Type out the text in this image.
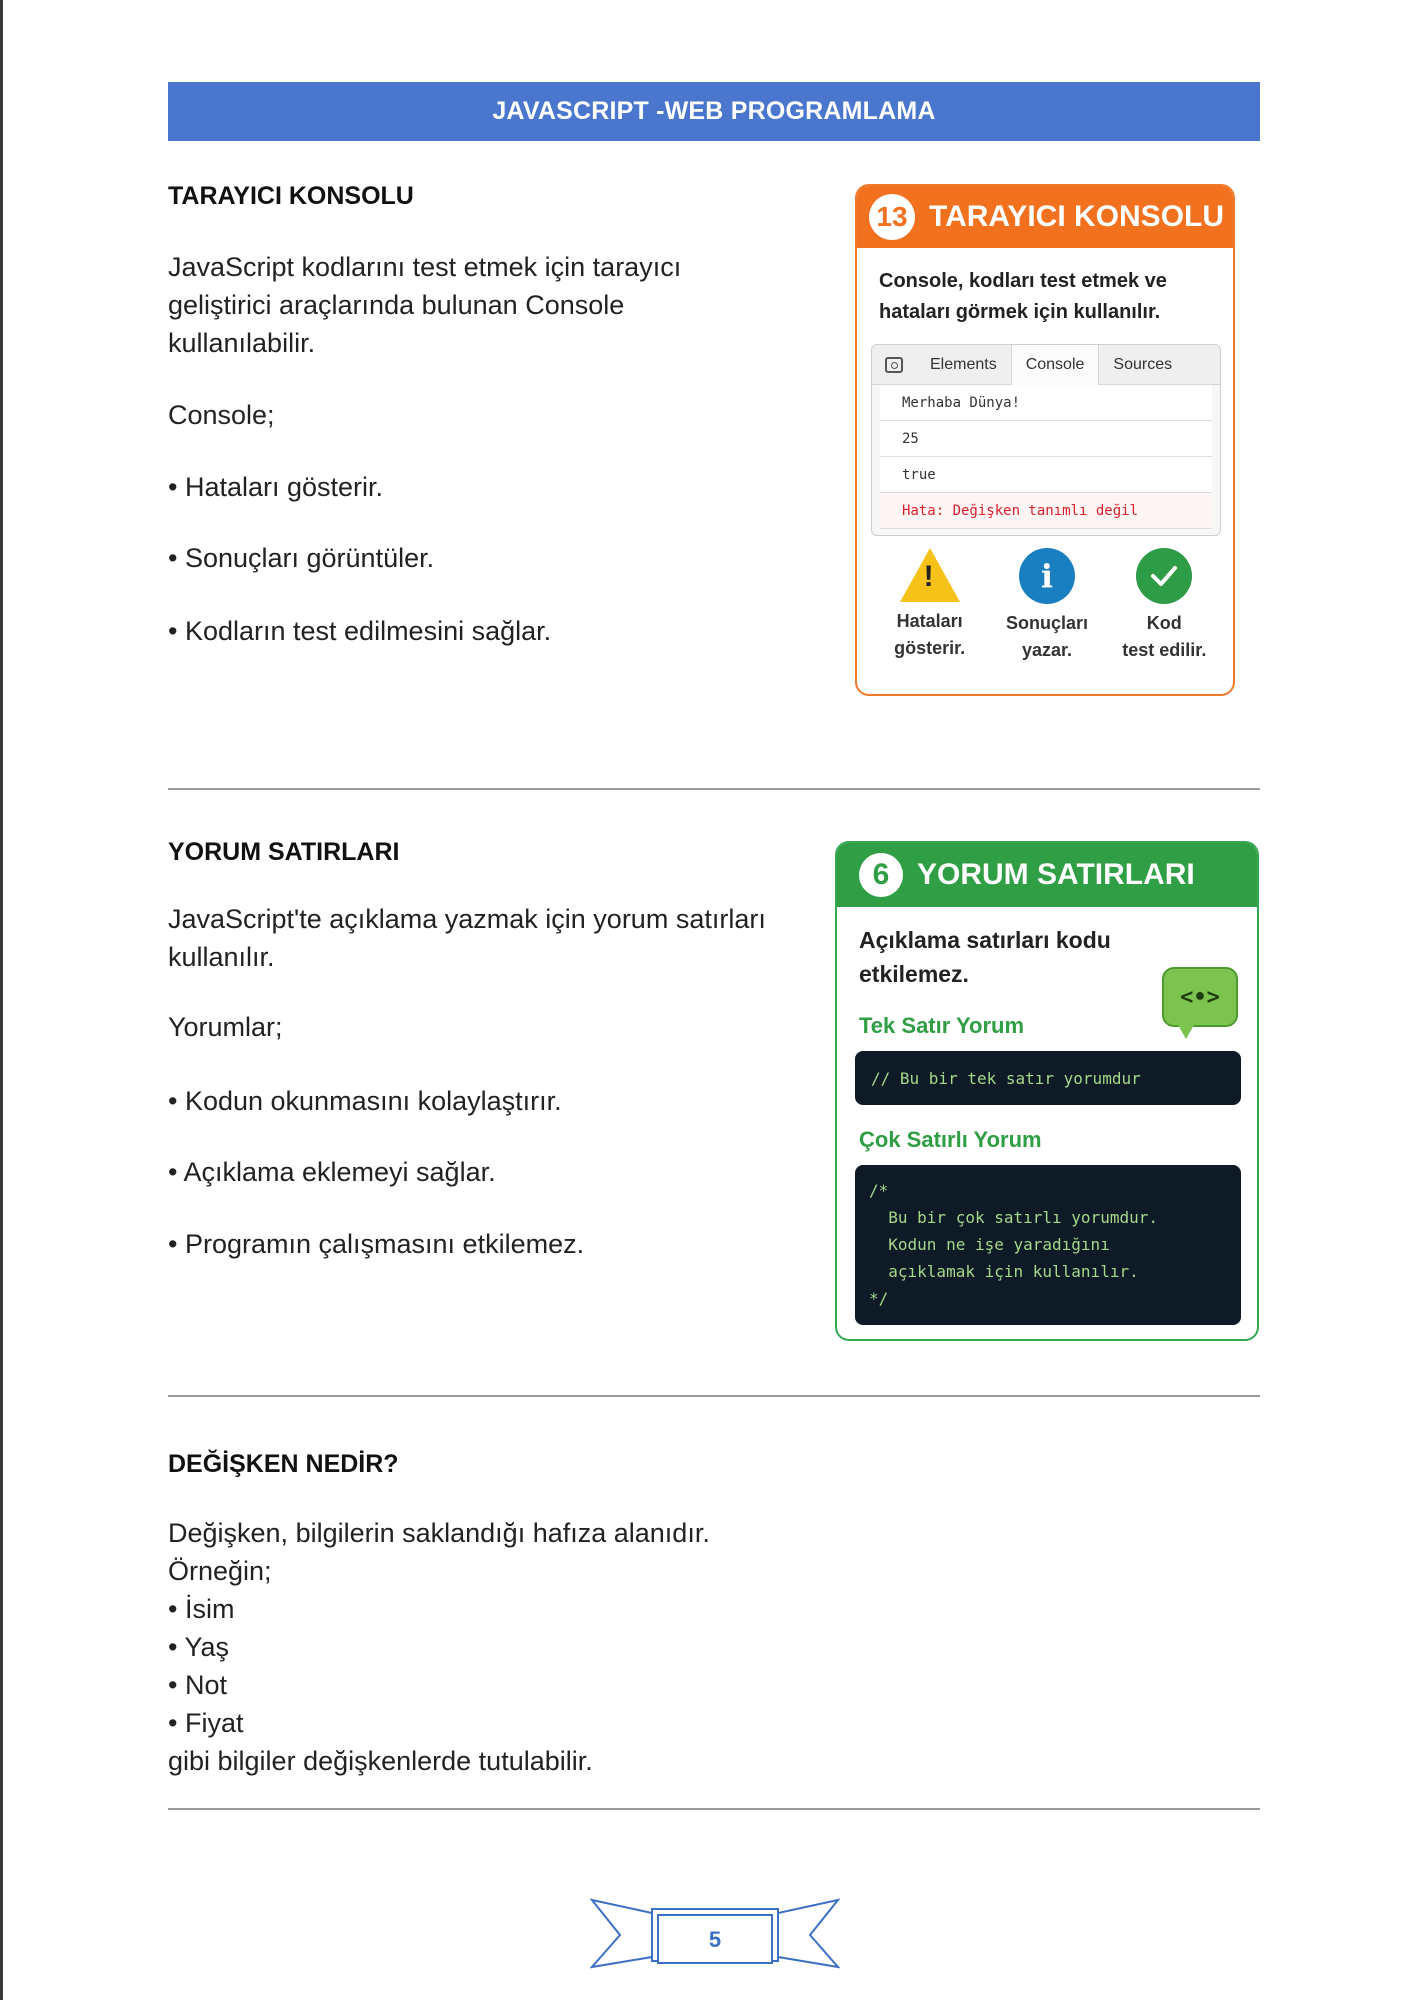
JAVASCRIPT -WEB PROGRAMLAMA
TARAYICI KONSOLU
JavaScript kodlarını test etmek için tarayıcı
geliştirici araçlarında bulunan Console
kullanılabilir.
Console;
• Hataları gösterir.
• Sonuçları görüntüler.
• Kodların test edilmesini sağlar.
13 TARAYICI KONSOLU
Console, kodları test etmek ve hataları görmek için kullanılır.
Elements	Console	Sources
Merhaba Dünya!
25
true
Hata: Değişken tanımlı değil
!
Hataları
gösterir.
i
Sonuçları
yazar.
Kod
test edilir.
YORUM SATIRLARI
JavaScript'te açıklama yazmak için yorum satırları
kullanılır.
Yorumlar;
• Kodun okunmasını kolaylaştırır.
• Açıklama eklemeyi sağlar.
• Programın çalışmasını etkilemez.
6 YORUM SATIRLARI
Açıklama satırları kodu etkilemez.
<•>
Tek Satır Yorum
// Bu bir tek satır yorumdur
Çok Satırlı Yorum
/*
Bu bir çok satırlı yorumdur.
Kodun ne işe yaradığını
açıklamak için kullanılır.
*/
DEĞİŞKEN NEDİR?
Değişken, bilgilerin saklandığı hafıza alanıdır.
Örneğin;
• İsim
• Yaş
• Not
• Fiyat
gibi bilgiler değişkenlerde tutulabilir.
5
